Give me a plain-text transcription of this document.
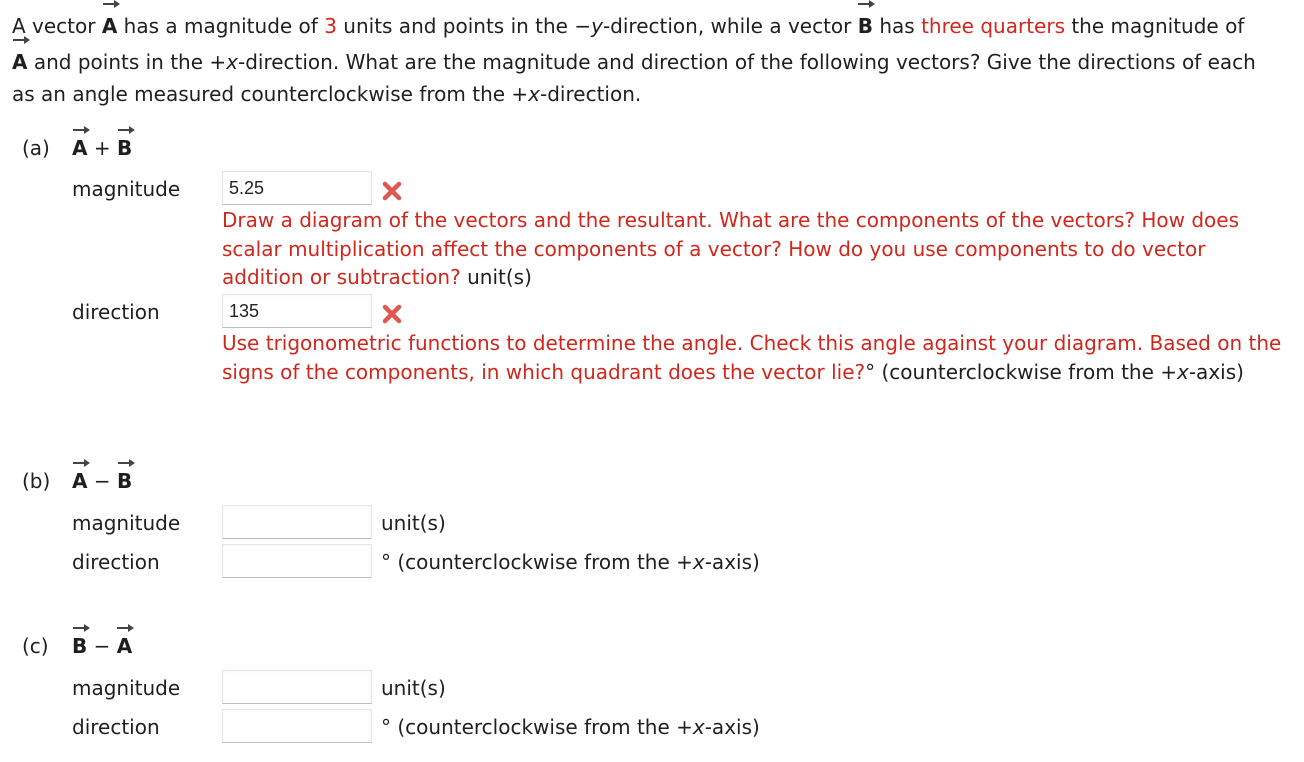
A vector A has a magnitude of 3 units and points in the −y-direction, while a vector B has three quarters the magnitude of
A and points in the +x-direction. What are the magnitude and direction of the following vectors? Give the directions of each
as an angle measured counterclockwise from the +x-direction.
(a) A + B
magnitude	5.25
Draw a diagram of the vectors and the resultant. What are the components of the vectors? How does scalar multiplication affect the components of a vector? How do you use components to do vector addition or subtraction? unit(s)
direction	135
Use trigonometric functions to determine the angle. Check this angle against your diagram. Based on the signs of the components, in which quadrant does the vector lie?° (counterclockwise from the +x-axis)
(b) A − B
magnitude	unit(s)
direction	° (counterclockwise from the +x-axis)
(c) B − A
magnitude	unit(s)
direction	° (counterclockwise from the +x-axis)
